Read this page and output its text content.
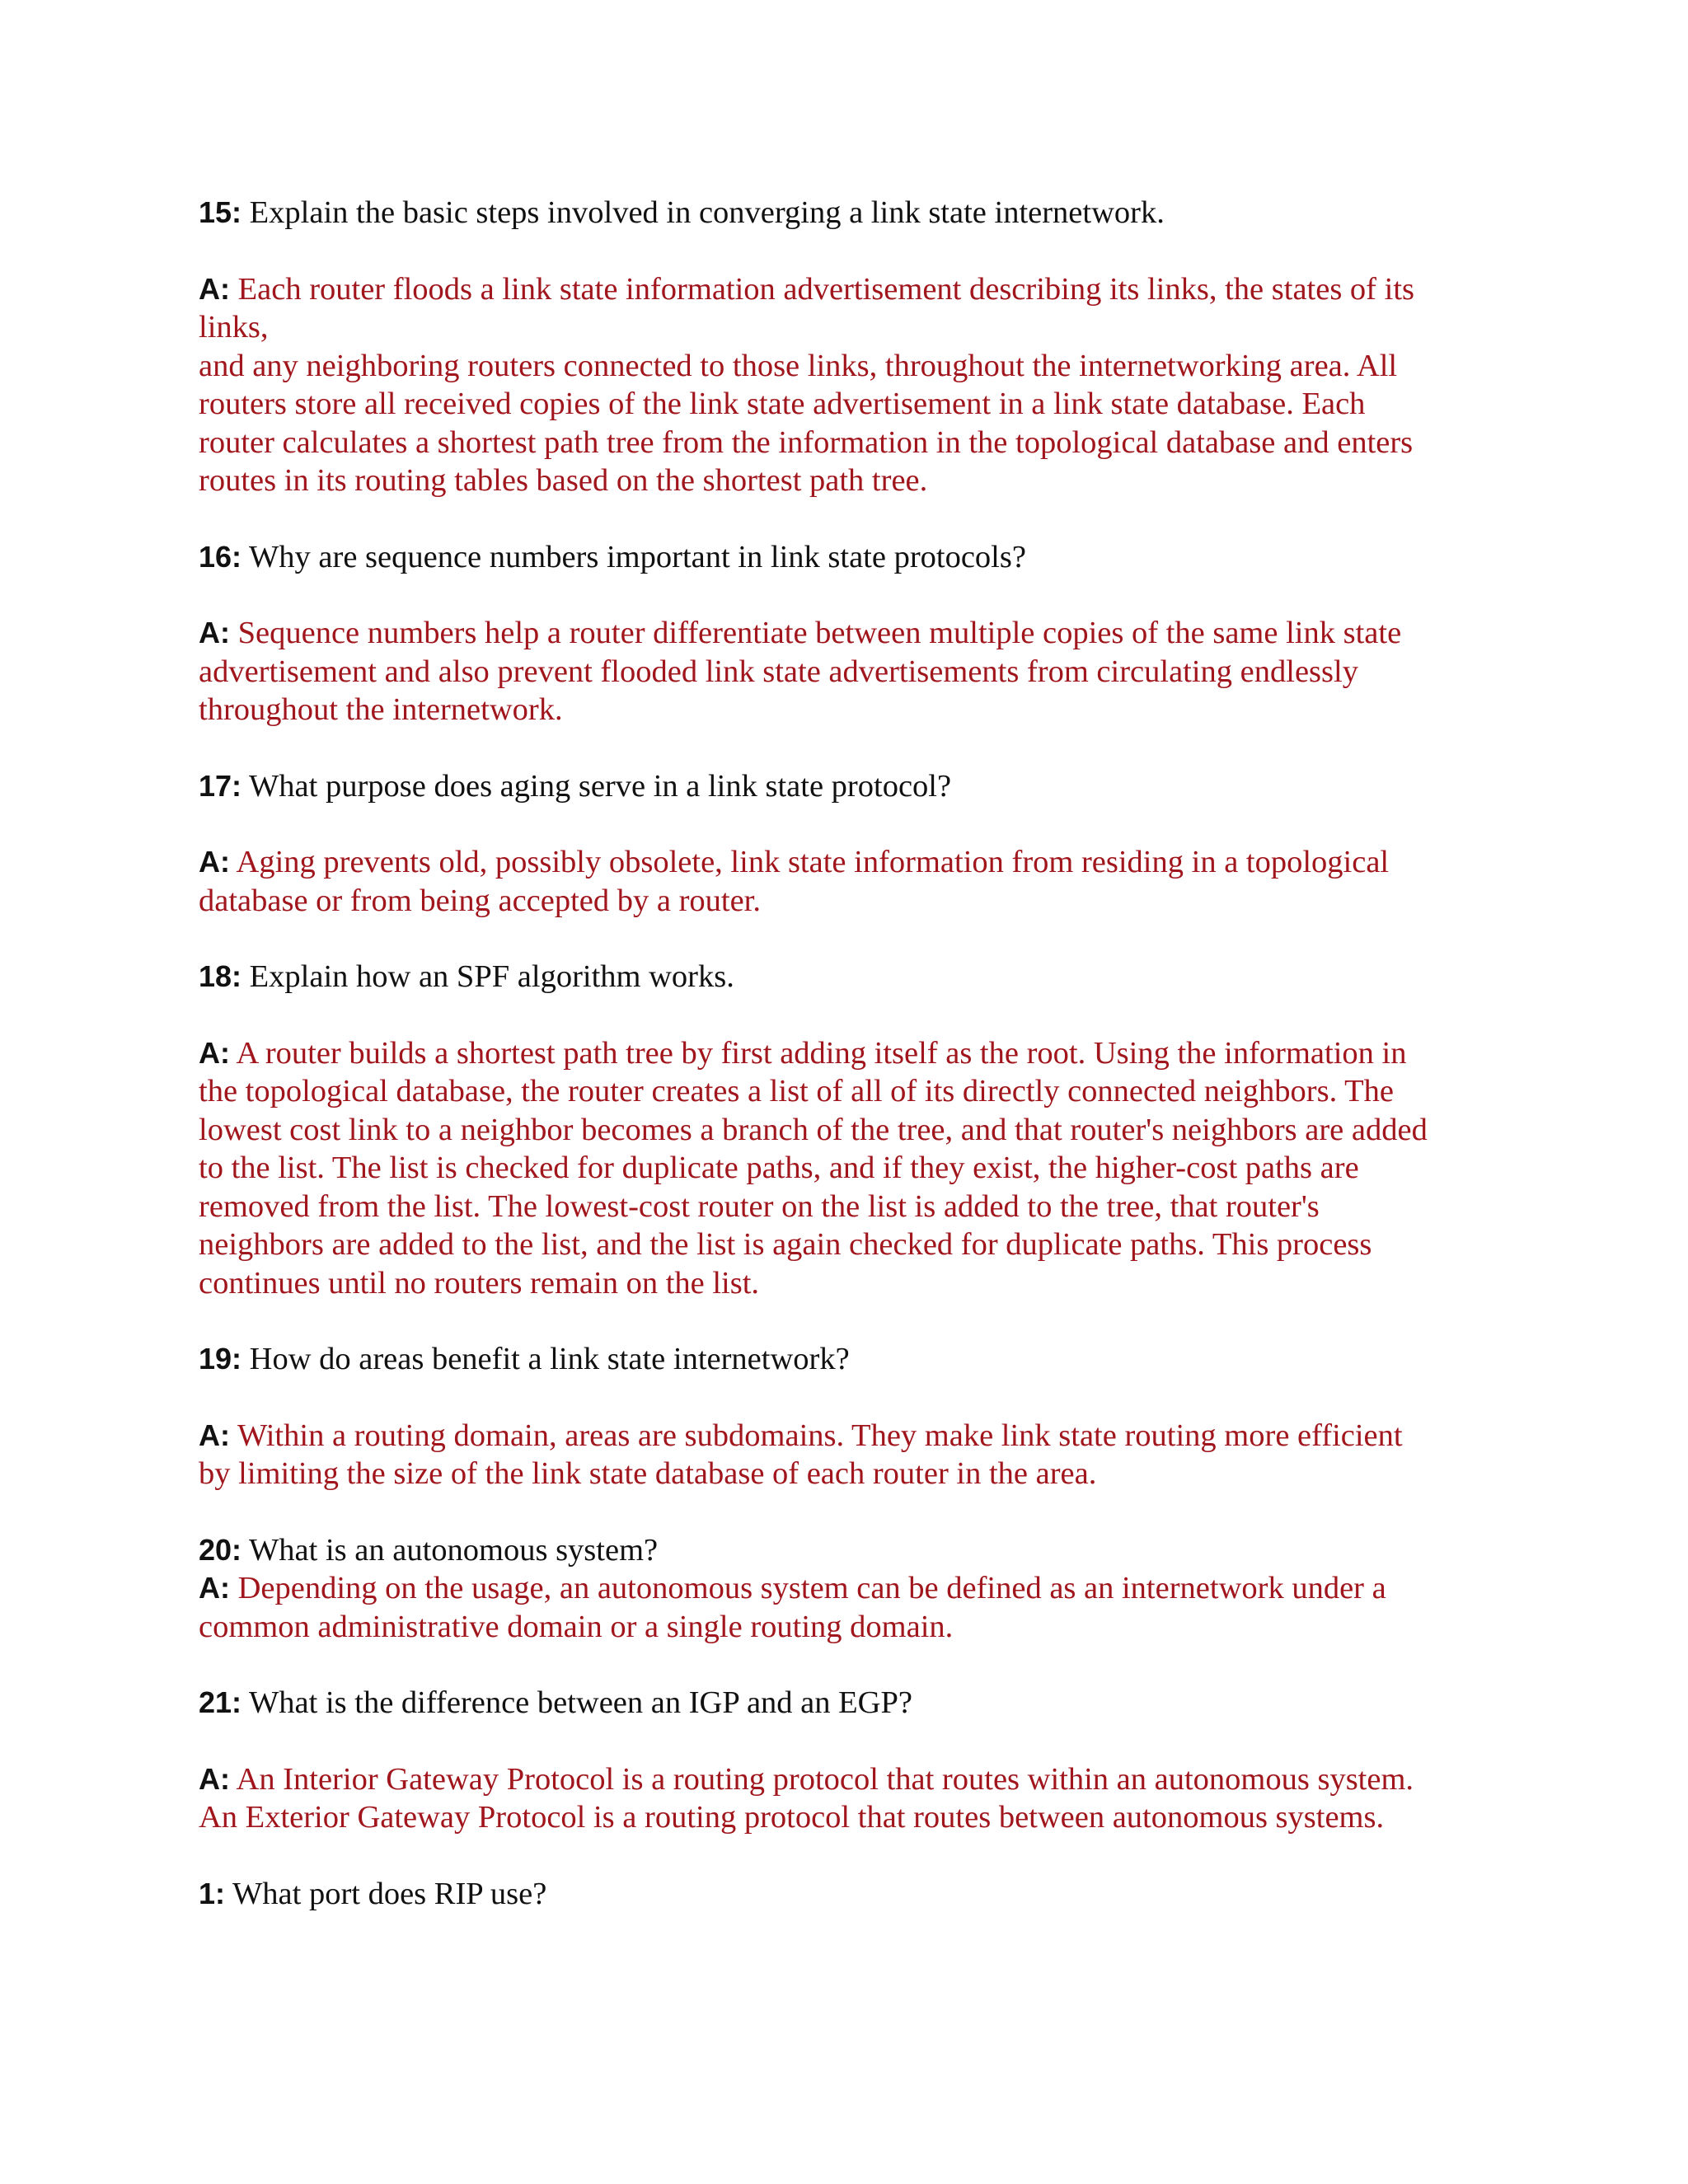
15: Explain the basic steps involved in converging a link state internetwork.
A: Each router floods a link state information advertisement describing its links, the states of its
links,
and any neighboring routers connected to those links, throughout the internetworking area. All
routers store all received copies of the link state advertisement in a link state database. Each
router calculates a shortest path tree from the information in the topological database and enters
routes in its routing tables based on the shortest path tree.
16: Why are sequence numbers important in link state protocols?
A: Sequence numbers help a router differentiate between multiple copies of the same link state
advertisement and also prevent flooded link state advertisements from circulating endlessly
throughout the internetwork.
17: What purpose does aging serve in a link state protocol?
A: Aging prevents old, possibly obsolete, link state information from residing in a topological
database or from being accepted by a router.
18: Explain how an SPF algorithm works.
A: A router builds a shortest path tree by first adding itself as the root. Using the information in
the topological database, the router creates a list of all of its directly connected neighbors. The
lowest cost link to a neighbor becomes a branch of the tree, and that router's neighbors are added
to the list. The list is checked for duplicate paths, and if they exist, the higher-cost paths are
removed from the list. The lowest-cost router on the list is added to the tree, that router's
neighbors are added to the list, and the list is again checked for duplicate paths. This process
continues until no routers remain on the list.
19: How do areas benefit a link state internetwork?
A: Within a routing domain, areas are subdomains. They make link state routing more efficient
by limiting the size of the link state database of each router in the area.
20: What is an autonomous system?
A: Depending on the usage, an autonomous system can be defined as an internetwork under a
common administrative domain or a single routing domain.
21: What is the difference between an IGP and an EGP?
A: An Interior Gateway Protocol is a routing protocol that routes within an autonomous system.
An Exterior Gateway Protocol is a routing protocol that routes between autonomous systems.
1: What port does RIP use?
